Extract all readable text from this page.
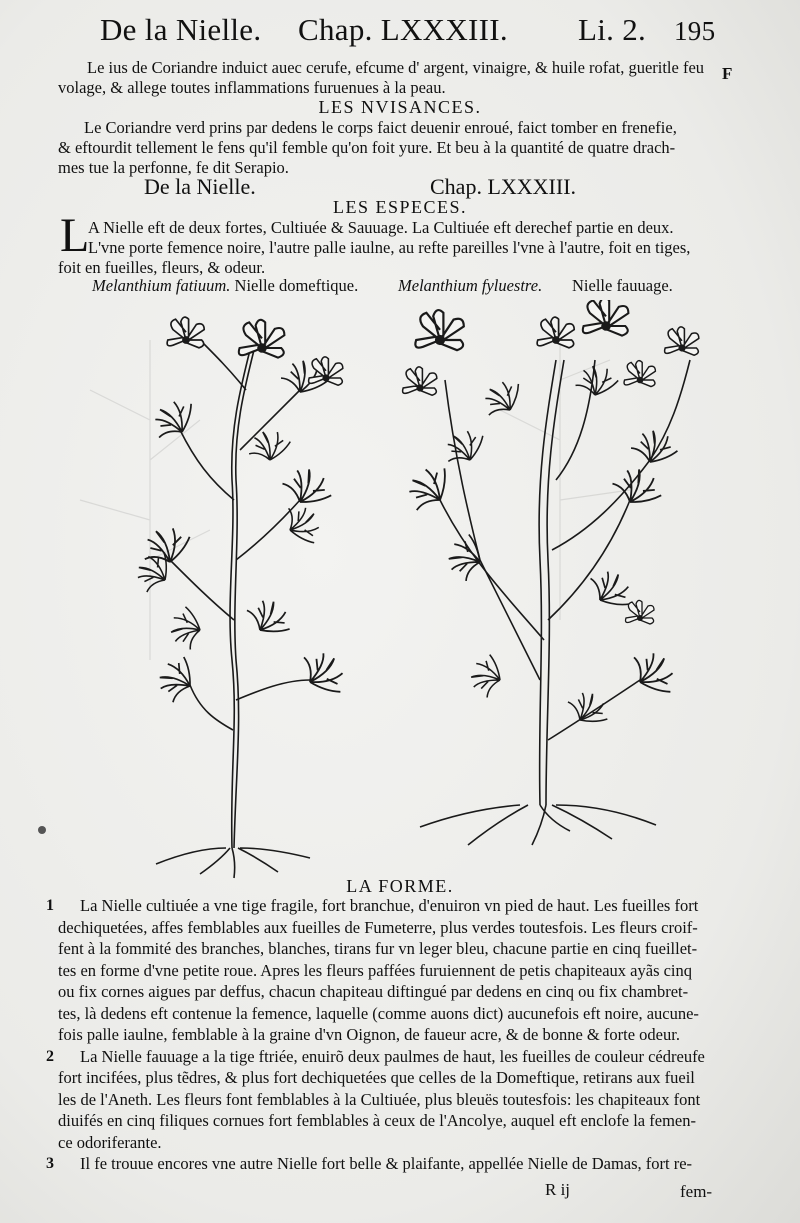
De la Nielle. Chap. LXXXIII. Li. 2. 195
F
Le ius de Coriandre induict auec cerufe, efcume d' argent, vinaigre, & huile rofat, gueritle feu
volage, & allege toutes inflammations furuenues à la peau.
LES NVISANCES.
Le Coriandre verd prins par dedens le corps faict deuenir enroué, faict tomber en frenefie,
& eftourdit tellement le fens qu'il femble qu'on foit yure. Et beu à la quantité de quatre drach-
mes tue la perfonne, fe dit Serapio.
De la Nielle.	Chap. LXXXIII.
LES ESPECES.
L
A Nielle eft de deux fortes, Cultiuée & Sauuage. La Cultiuée eft derechef partie en deux.
L'vne porte femence noire, l'autre palle iaulne, au refte pareilles l'vne à l'autre, foit en tiges,
foit en fueilles, fleurs, & odeur.
Melanthium fatiuum. Nielle domeftique. Melanthium fyluestre. Nielle fauuage.
LA FORME.
1 La Nielle cultiuée a vne tige fragile, fort branchue, d'enuiron vn pied de haut. Les fueilles fort
dechiquetées, affes femblables aux fueilles de Fumeterre, plus verdes toutesfois. Les fleurs croif-
fent à la fommité des branches, blanches, tirans fur vn leger bleu, chacune partie en cinq fueillet-
tes en forme d'vne petite roue. Apres les fleurs paffées furuiennent de petis chapiteaux ayãs cinq
ou fix cornes aigues par deffus, chacun chapiteau diftingué par dedens en cinq ou fix chambret-
tes, là dedens eft contenue la femence, laquelle (comme auons dict) aucunefois eft noire, aucune-
fois palle iaulne, femblable à la graine d'vn Oignon, de faueur acre, & de bonne & forte odeur.
2 La Nielle fauuage a la tige ftriée, enuirõ deux paulmes de haut, les fueilles de couleur cédreufe
fort incifées, plus tẽdres, & plus fort dechiquetées que celles de la Domeftique, retirans aux fueil
les de l'Aneth. Les fleurs font femblables à la Cultiuée, plus bleuës toutesfois: les chapiteaux font
diuifés en cinq filiques cornues fort femblables à ceux de l'Ancolye, auquel eft enclofe la femen-
ce odoriferante.
3 Il fe trouue encores vne autre Nielle fort belle & plaifante, appellée Nielle de Damas, fort re-
R ij	fem-
